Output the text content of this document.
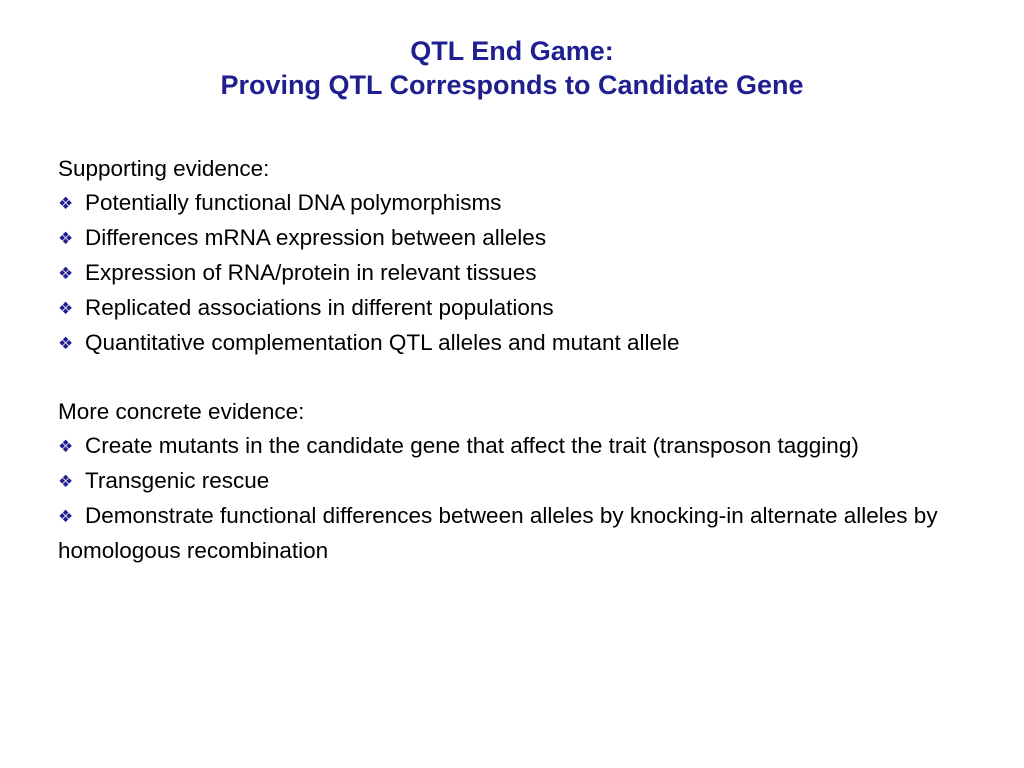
QTL End Game:
Proving QTL Corresponds to Candidate Gene
Supporting evidence:
❖ Potentially functional DNA polymorphisms
❖ Differences mRNA expression between alleles
❖ Expression of RNA/protein in relevant tissues
❖ Replicated associations in different populations
❖ Quantitative complementation QTL alleles and mutant allele
More concrete evidence:
❖ Create mutants in the candidate gene that affect the trait (transposon tagging)
❖ Transgenic rescue
❖ Demonstrate functional differences between alleles by knocking-in alternate alleles by homologous recombination
